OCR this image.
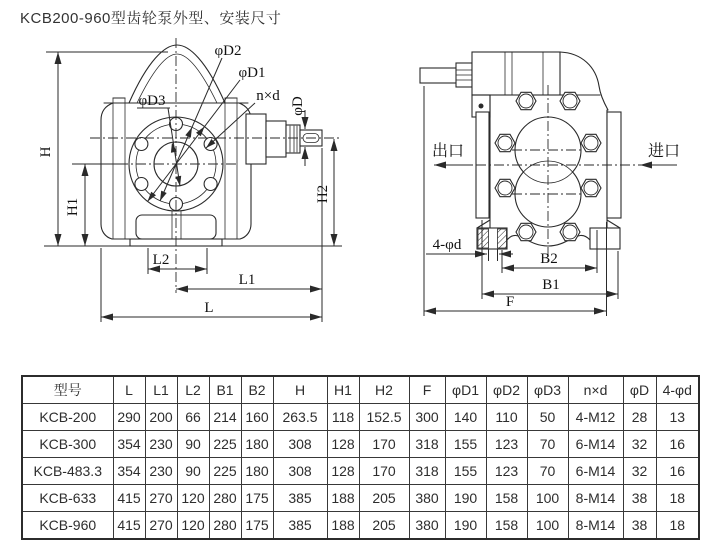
KCB200-960型齿轮泵外型、安装尺寸
φD2
φD1
φD3	n×d
φD
H
H1
H2
L2
L1
L
出口	进口
4-φd
B2
B1
F
型号	L	L1	L2	B1	B2	H	H1	H2	F	φD1	φD2	φD3	n×d	φD	4-φd
KCB-200	290	200	66	214	160	263.5	118	152.5	300	140	110	50	4-M12	28	13
KCB-300	354	230	90	225	180	308	128	170	318	155	123	70	6-M14	32	16
KCB-483.3	354	230	90	225	180	308	128	170	318	155	123	70	6-M14	32	16
KCB-633	415	270	120	280	175	385	188	205	380	190	158	100	8-M14	38	18
KCB-960	415	270	120	280	175	385	188	205	380	190	158	100	8-M14	38	18
